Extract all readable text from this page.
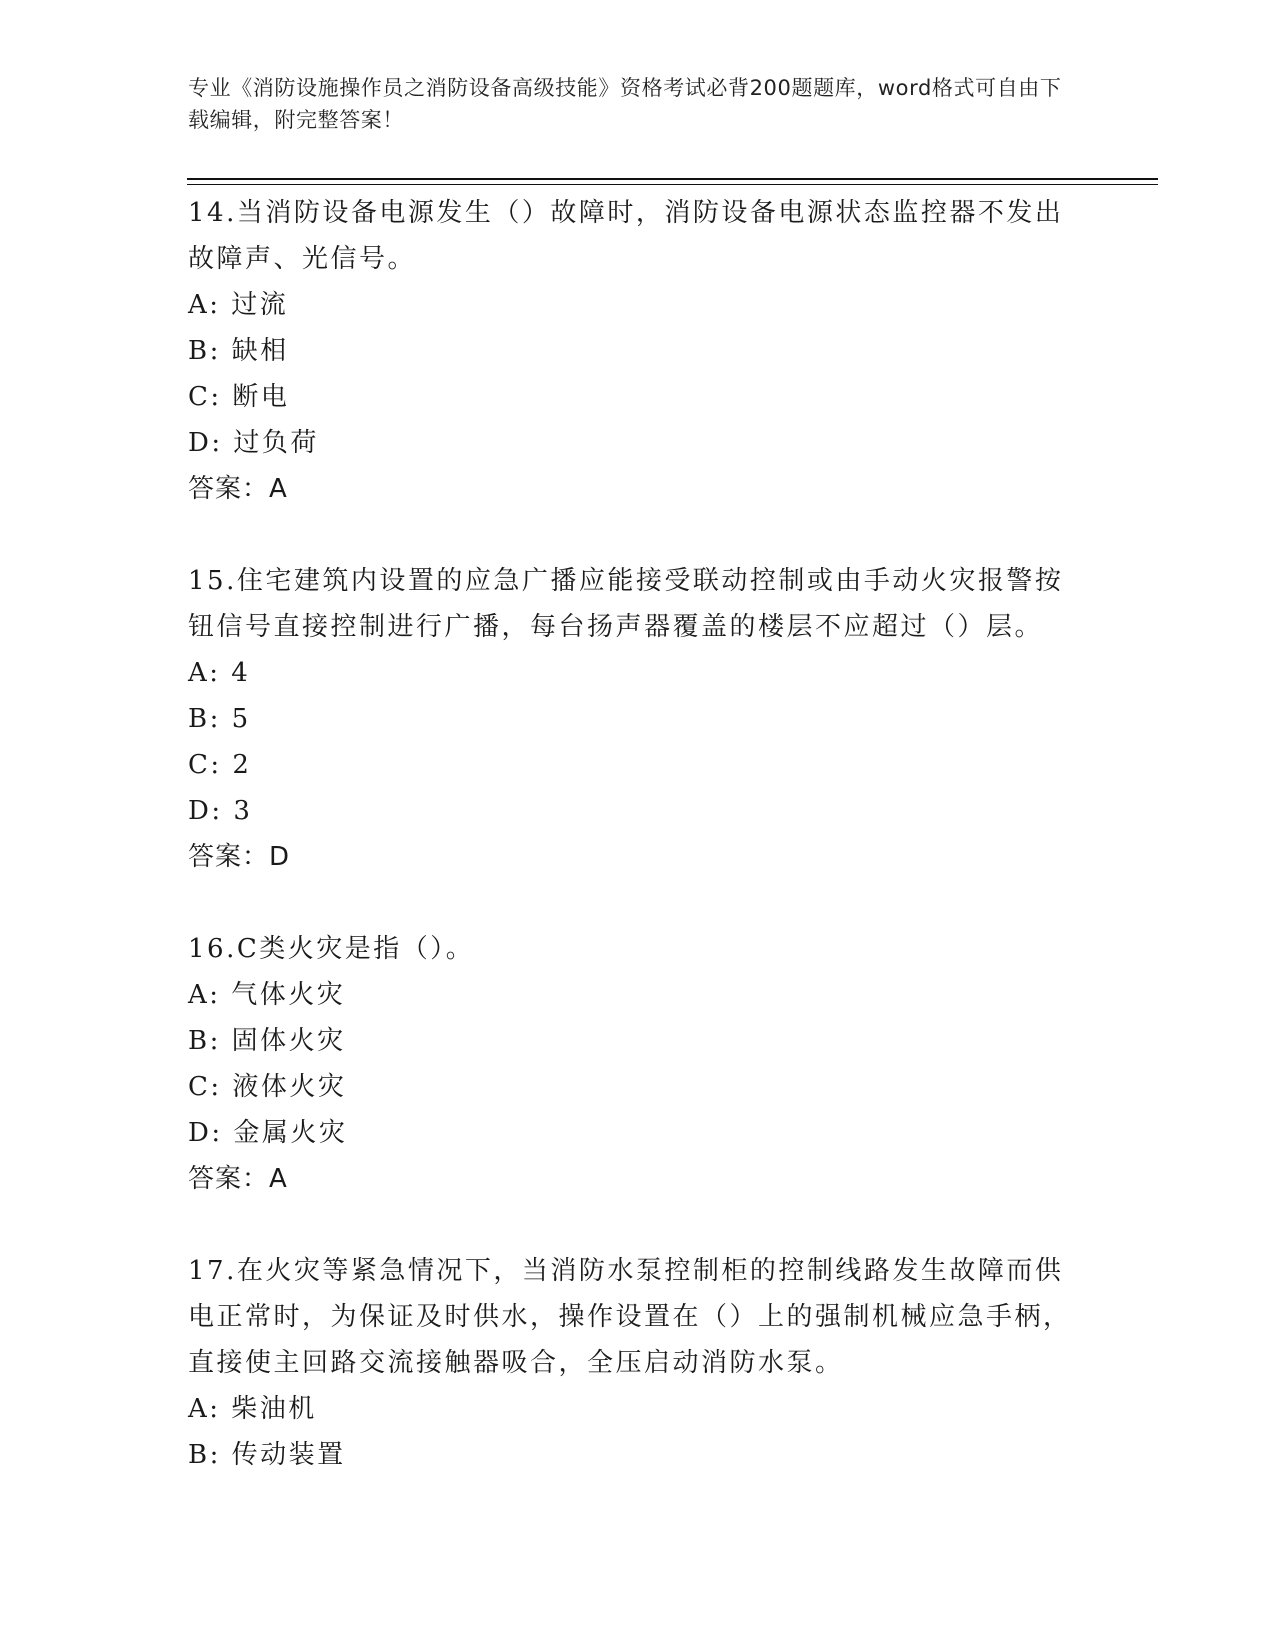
专业《消防设施操作员之消防设备高级技能》资格考试必背200题题库，word格式可自由下载编辑，附完整答案！

14.当消防设备电源发生（）故障时，消防设备电源状态监控器不发出故障声、光信号。

A: 过流

B: 缺相

C: 断电

D: 过负荷

答案：A

15.住宅建筑内设置的应急广播应能接受联动控制或由手动火灾报警按钮信号直接控制进行广播，每台扬声器覆盖的楼层不应超过（）层。

A: 4

B: 5

C: 2

D: 3

答案：D

16.C类火灾是指（）。

A: 气体火灾

B: 固体火灾

C: 液体火灾

D: 金属火灾

答案：A

17.在火灾等紧急情况下，当消防水泵控制柜的控制线路发生故障而供电正常时，为保证及时供水，操作设置在（）上的强制机械应急手柄，直接使主回路交流接触器吸合，全压启动消防水泵。

A: 柴油机

B: 传动装置
